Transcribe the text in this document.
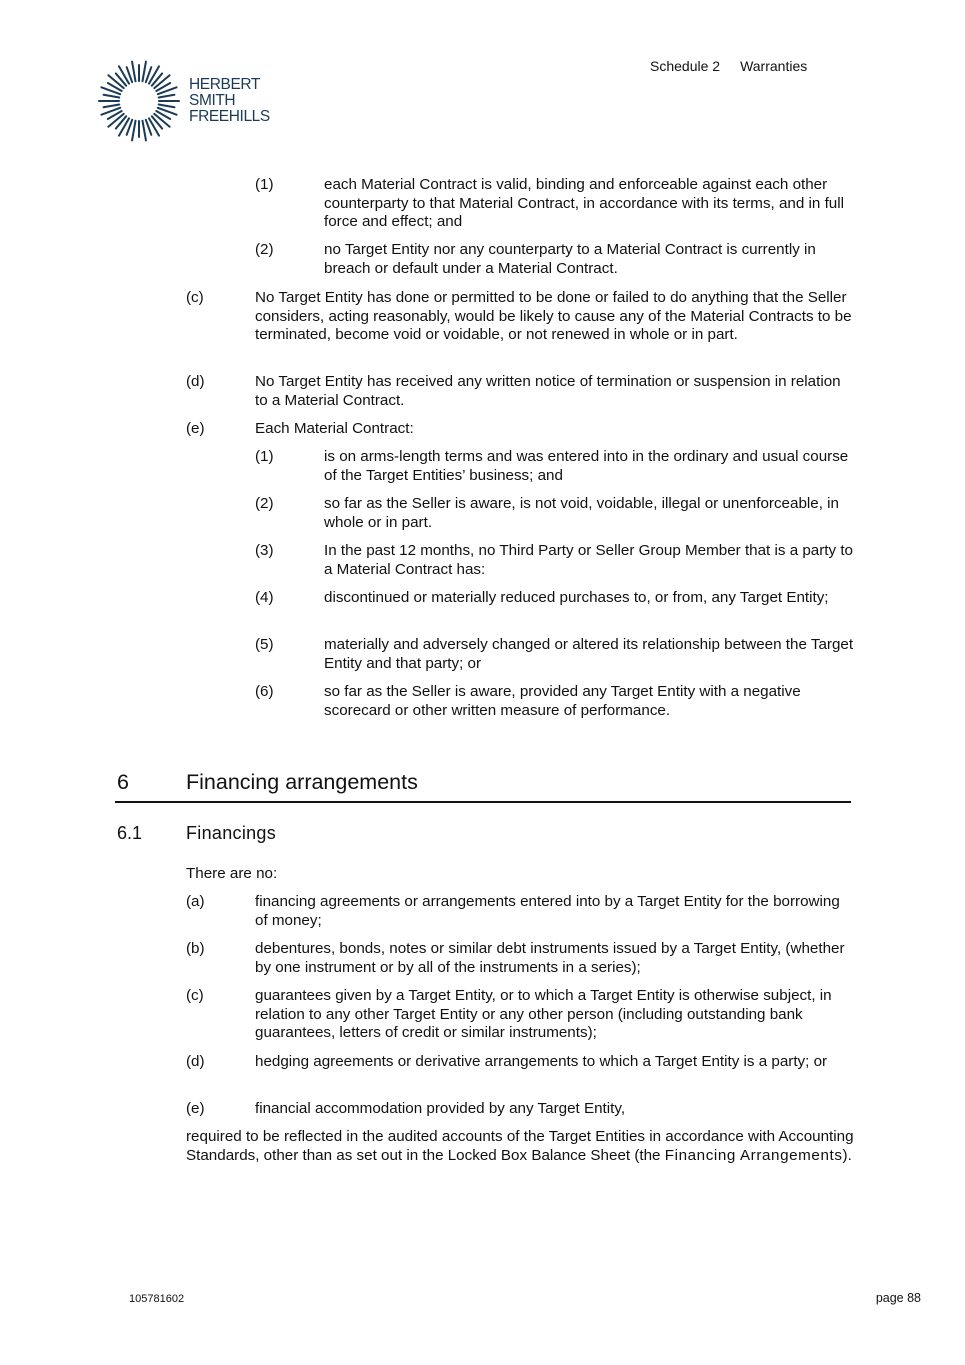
HERBERT
SMITH
FREEHILLS
Schedule 2 Warranties
(1)	each Material Contract is valid, binding and enforceable against each other counterparty to that Material Contract, in accordance with its terms, and in full force and effect; and
(2)	no Target Entity nor any counterparty to a Material Contract is currently in breach or default under a Material Contract.
(c)	No Target Entity has done or permitted to be done or failed to do anything that the Seller considers, acting reasonably, would be likely to cause any of the Material Contracts to be terminated, become void or voidable, or not renewed in whole or in part.
(d)	No Target Entity has received any written notice of termination or suspension in relation to a Material Contract.
(e)	Each Material Contract:
(1)	is on arms-length terms and was entered into in the ordinary and usual course of the Target Entities’ business; and
(2)	so far as the Seller is aware, is not void, voidable, illegal or unenforceable, in whole or in part.
(3)	In the past 12 months, no Third Party or Seller Group Member that is a party to a Material Contract has:
(4)	discontinued or materially reduced purchases to, or from, any Target Entity;
(5)	materially and adversely changed or altered its relationship between the Target Entity and that party; or
(6)	so far as the Seller is aware, provided any Target Entity with a negative scorecard or other written measure of performance.
6	Financing arrangements
6.1 Financings
There are no:
(a)	financing agreements or arrangements entered into by a Target Entity for the borrowing of money;
(b)	debentures, bonds, notes or similar debt instruments issued by a Target Entity, (whether by one instrument or by all of the instruments in a series);
(c)	guarantees given by a Target Entity, or to which a Target Entity is otherwise subject, in relation to any other Target Entity or any other person (including outstanding bank guarantees, letters of credit or similar instruments);
(d)	hedging agreements or derivative arrangements to which a Target Entity is a party; or
(e)	financial accommodation provided by any Target Entity,
required to be reflected in the audited accounts of the Target Entities in accordance with Accounting Standards, other than as set out in the Locked Box Balance Sheet (the Financing Arrangements).
105781602	page 88
